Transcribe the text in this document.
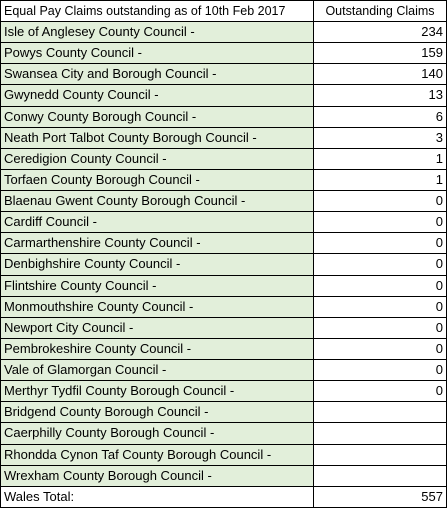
Equal Pay Claims outstanding as of 10th Feb 2017	Outstanding Claims
Isle of Anglesey County Council -	234
Powys County Council -	159
Swansea City and Borough Council -	140
Gwynedd County Council -	13
Conwy County Borough Council -	6
Neath Port Talbot County Borough Council -	3
Ceredigion County Council -	1
Torfaen County Borough Council -	1
Blaenau Gwent County Borough Council -	0
Cardiff Council -	0
Carmarthenshire County Council -	0
Denbighshire County Council -	0
Flintshire County Council -	0
Monmouthshire County Council -	0
Newport City Council -	0
Pembrokeshire County Council -	0
Vale of Glamorgan Council -	0
Merthyr Tydfil County Borough Council -	0
Bridgend County Borough Council -	
Caerphilly County Borough Council -	
Rhondda Cynon Taf County Borough Council -	
Wrexham County Borough Council -	
Wales Total:	557
